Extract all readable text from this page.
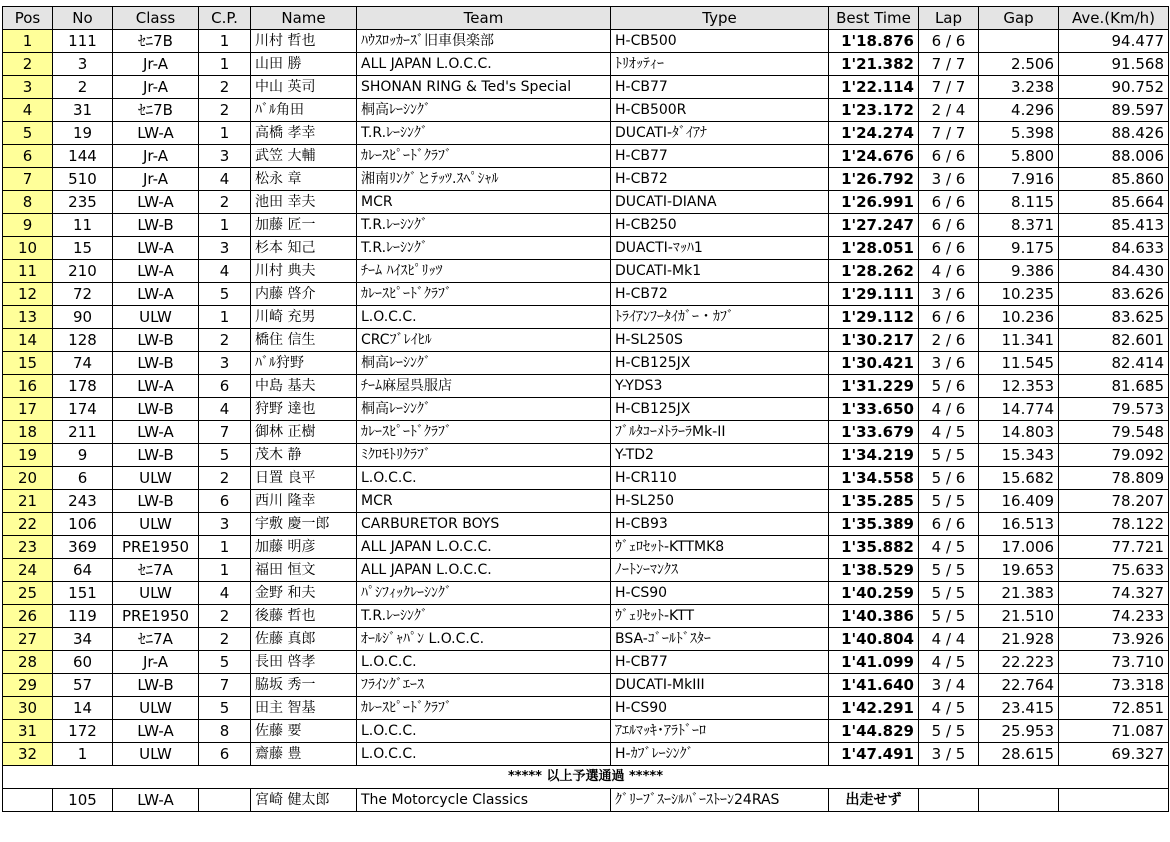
Pos	No	Class	C.P.	Name	Team	Type	Best Time	Lap	Gap	Ave.(Km/h)
1	111	ｾﾆ7B	1	川村 哲也	ﾊｳｽﾛｯｶｰｽﾞ旧車倶楽部	H-CB500	1'18.876	6 / 6		94.477
2	3	Jr-A	1	山田 勝	ALL JAPAN L.O.C.C.	ﾄﾘｵｯﾃｨｰ	1'21.382	7 / 7	2.506	91.568
3	2	Jr-A	2	中山 英司	SHONAN RING & Ted's Special	H-CB77	1'22.114	7 / 7	3.238	90.752
4	31	ｾﾆ7B	2	ﾊﾞﾙ角田	桐高ﾚｰｼﾝｸﾞ	H-CB500R	1'23.172	2 / 4	4.296	89.597
5	19	LW-A	1	高橋 孝幸	T.R.ﾚｰｼﾝｸﾞ	DUCATI-ﾀﾞｲｱﾅ	1'24.274	7 / 7	5.398	88.426
6	144	Jr-A	3	武笠 大輔	ｶﾚｰｽﾋﾟｰﾄﾞｸﾗﾌﾞ	H-CB77	1'24.676	6 / 6	5.800	88.006
7	510	Jr-A	4	松永 章	湘南ﾘﾝｸﾞとﾃｯﾂ.ｽﾍﾟｼｬﾙ	H-CB72	1'26.792	3 / 6	7.916	85.860
8	235	LW-A	2	池田 幸夫	MCR	DUCATI-DIANA	1'26.991	6 / 6	8.115	85.664
9	11	LW-B	1	加藤 匠一	T.R.ﾚｰｼﾝｸﾞ	H-CB250	1'27.247	6 / 6	8.371	85.413
10	15	LW-A	3	杉本 知己	T.R.ﾚｰｼﾝｸﾞ	DUACTI-ﾏｯﾊ1	1'28.051	6 / 6	9.175	84.633
11	210	LW-A	4	川村 典夫	ﾁｰﾑ ﾊｲｽﾋﾟﾘｯﾂ	DUCATI-Mk1	1'28.262	4 / 6	9.386	84.430
12	72	LW-A	5	内藤 啓介	ｶﾚｰｽﾋﾟｰﾄﾞｸﾗﾌﾞ	H-CB72	1'29.111	3 / 6	10.235	83.626
13	90	ULW	1	川崎 充男	L.O.C.C.	ﾄﾗｲｱﾝﾌｰﾀｲｶﾞｰ・ｶﾌﾞ	1'29.112	6 / 6	10.236	83.625
14	128	LW-B	2	橋住 信生	CRCﾌﾞﾚｲﾋﾙ	H-SL250S	1'30.217	2 / 6	11.341	82.601
15	74	LW-B	3	ﾊﾞﾙ狩野	桐高ﾚｰｼﾝｸﾞ	H-CB125JX	1'30.421	3 / 6	11.545	82.414
16	178	LW-A	6	中島 基夫	ﾁｰﾑ麻屋呉服店	Y-YDS3	1'31.229	5 / 6	12.353	81.685
17	174	LW-B	4	狩野 達也	桐高ﾚｰｼﾝｸﾞ	H-CB125JX	1'33.650	4 / 6	14.774	79.573
18	211	LW-A	7	御林 正樹	ｶﾚｰｽﾋﾟｰﾄﾞｸﾗﾌﾞ	ﾌﾞﾙﾀｺｰﾒﾄﾗｰﾗMk-II	1'33.679	4 / 5	14.803	79.548
19	9	LW-B	5	茂木 静	ﾐｸﾛﾓﾄﾘｸﾗﾌﾞ	Y-TD2	1'34.219	5 / 5	15.343	79.092
20	6	ULW	2	日置 良平	L.O.C.C.	H-CR110	1'34.558	5 / 6	15.682	78.809
21	243	LW-B	6	西川 隆幸	MCR	H-SL250	1'35.285	5 / 5	16.409	78.207
22	106	ULW	3	宇敷 慶一郎	CARBURETOR BOYS	H-CB93	1'35.389	6 / 6	16.513	78.122
23	369	PRE1950	1	加藤 明彦	ALL JAPAN L.O.C.C.	ｳﾞｪﾛｾｯﾄ-KTTMK8	1'35.882	4 / 5	17.006	77.721
24	64	ｾﾆ7A	1	福田 恒文	ALL JAPAN L.O.C.C.	ﾉｰﾄﾝｰﾏﾝｸｽ	1'38.529	5 / 5	19.653	75.633
25	151	ULW	4	金野 和夫	ﾊﾟｼﾌｨｯｸﾚｰｼﾝｸﾞ	H-CS90	1'40.259	5 / 5	21.383	74.327
26	119	PRE1950	2	後藤 哲也	T.R.ﾚｰｼﾝｸﾞ	ｳﾞｪﾘｾｯﾄ-KTT	1'40.386	5 / 5	21.510	74.233
27	34	ｾﾆ7A	2	佐藤 真郎	ｵｰﾙｼﾞｬﾊﾟﾝ L.O.C.C.	BSA-ｺﾞｰﾙﾄﾞｽﾀｰ	1'40.804	4 / 4	21.928	73.926
28	60	Jr-A	5	長田 啓孝	L.O.C.C.	H-CB77	1'41.099	4 / 5	22.223	73.710
29	57	LW-B	7	脇坂 秀一	ﾌﾗｲﾝｸﾞｴｰｽ	DUCATI-MkIII	1'41.640	3 / 4	22.764	73.318
30	14	ULW	5	田主 智基	ｶﾚｰｽﾋﾟｰﾄﾞｸﾗﾌﾞ	H-CS90	1'42.291	4 / 5	23.415	72.851
31	172	LW-A	8	佐藤 要	L.O.C.C.	ｱｴﾙﾏｯｷ･ｱﾗﾄﾞｰﾛ	1'44.829	5 / 5	25.953	71.087
32	1	ULW	6	齋藤 豊	L.O.C.C.	H-ｶﾌﾞﾚｰｼﾝｸﾞ	1'47.491	3 / 5	28.615	69.327
***** 以上予選通過 *****										
	105	LW-A		宮崎 健太郎	The Motorcycle Classics	ｸﾞﾘｰﾌﾞｽｰｼﾙﾊﾞｰｽﾄｰﾝ24RAS	出走せず			
